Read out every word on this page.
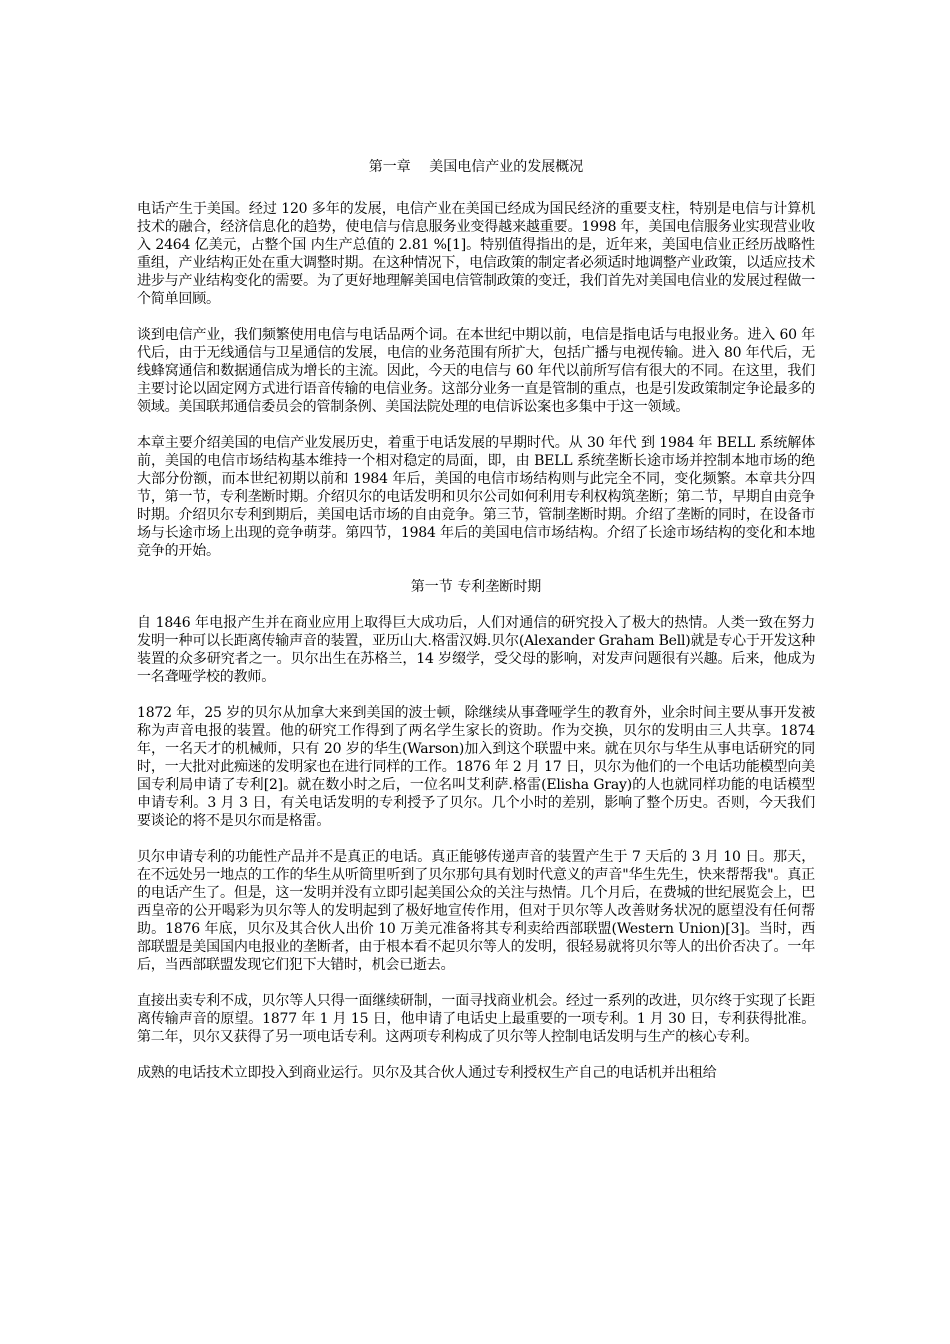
第一章　 美国电信产业的发展概况

电话产生于美国。经过 120 多年的发展，电信产业在美国已经成为国民经济的重要支柱，特别是电信与计算机技术的融合，经济信息化的趋势，使电信与信息服务业变得越来越重要。1998 年，美国电信服务业实现营业收入 2464 亿美元，占整个国 内生产总值的 2.81 %[1]。特别值得指出的是，近年来，美国电信业正经历战略性重组，产业结构正处在重大调整时期。在这种情况下，电信政策的制定者必须适时地调整产业政策，以适应技术进步与产业结构变化的需要。为了更好地理解美国电信管制政策的变迁，我们首先对美国电信业的发展过程做一个简单回顾。

谈到电信产业，我们频繁使用电信与电话品两个词。在本世纪中期以前，电信是指电话与电报业务。进入 60 年代后，由于无线通信与卫星通信的发展，电信的业务范围有所扩大，包括广播与电视传输。进入 80 年代后，无线蜂窝通信和数据通信成为增长的主流。因此，今天的电信与 60 年代以前所写信有很大的不同。在这里，我们主要讨论以固定网方式进行语音传输的电信业务。这部分业务一直是管制的重点，也是引发政策制定争论最多的领域。美国联邦通信委员会的管制条例、美国法院处理的电信诉讼案也多集中于这一领域。

本章主要介绍美国的电信产业发展历史，着重于电话发展的早期时代。从 30 年代 到 1984 年 BELL 系统解体前，美国的电信市场结构基本维持一个相对稳定的局面，即，由 BELL 系统垄断长途市场并控制本地市场的绝大部分份额，而本世纪初期以前和 1984 年后，美国的电信市场结构则与此完全不同，变化频繁。本章共分四节，第一节，专利垄断时期。介绍贝尔的电话发明和贝尔公司如何利用专利权构筑垄断；第二节，早期自由竞争时期。介绍贝尔专利到期后，美国电话市场的自由竞争。第三节，管制垄断时期。介绍了垄断的同时，在设备市场与长途市场上出现的竞争萌芽。第四节，1984 年后的美国电信市场结构。介绍了长途市场结构的变化和本地竞争的开始。

第一节 专利垄断时期

自 1846 年电报产生并在商业应用上取得巨大成功后，人们对通信的研究投入了极大的热情。人类一致在努力发明一种可以长距离传输声音的装置，亚历山大.格雷汉姆.贝尔(Alexander Graham Bell)就是专心于开发这种装置的众多研究者之一。贝尔出生在苏格兰，14 岁缀学，受父母的影响，对发声问题很有兴趣。后来，他成为一名聋哑学校的教师。

1872 年，25 岁的贝尔从加拿大来到美国的波士顿，除继续从事聋哑学生的教育外，业余时间主要从事开发被称为声音电报的装置。他的研究工作得到了两名学生家长的资助。作为交换，贝尔的发明由三人共享。1874 年，一名天才的机械师，只有 20 岁的华生(Warson)加入到这个联盟中来。就在贝尔与华生从事电话研究的同时，一大批对此痴迷的发明家也在进行同样的工作。1876 年 2 月 17 日，贝尔为他们的一个电话功能模型向美国专利局申请了专利[2]。就在数小时之后，一位名叫艾利萨.格雷(Elisha Gray)的人也就同样功能的电话模型申请专利。3 月 3 日，有关电话发明的专利授予了贝尔。几个小时的差别，影响了整个历史。否则，今天我们要谈论的将不是贝尔而是格雷。

贝尔申请专利的功能性产品并不是真正的电话。真正能够传递声音的装置产生于 7 天后的 3 月 10 日。那天，在不远处另一地点的工作的华生从听筒里听到了贝尔那句具有划时代意义的声音"华生先生，快来帮帮我"。真正的电话产生了。但是，这一发明并没有立即引起美国公众的关注与热情。几个月后，在费城的世纪展览会上，巴西皇帝的公开喝彩为贝尔等人的发明起到了极好地宣传作用，但对于贝尔等人改善财务状况的愿望没有任何帮助。1876 年底，贝尔及其合伙人出价 10 万美元准备将其专利卖给西部联盟(Western Union)[3]。当时，西部联盟是美国国内电报业的垄断者，由于根本看不起贝尔等人的发明，很轻易就将贝尔等人的出价否决了。一年后，当西部联盟发现它们犯下大错时，机会已逝去。

直接出卖专利不成，贝尔等人只得一面继续研制，一面寻找商业机会。经过一系列的改进，贝尔终于实现了长距离传输声音的原望。1877 年 1 月 15 日，他申请了电话史上最重要的一项专利。1 月 30 日，专利获得批准。第二年，贝尔又获得了另一项电话专利。这两项专利构成了贝尔等人控制电话发明与生产的核心专利。

成熟的电话技术立即投入到商业运行。贝尔及其合伙人通过专利授权生产自己的电话机并出租给
